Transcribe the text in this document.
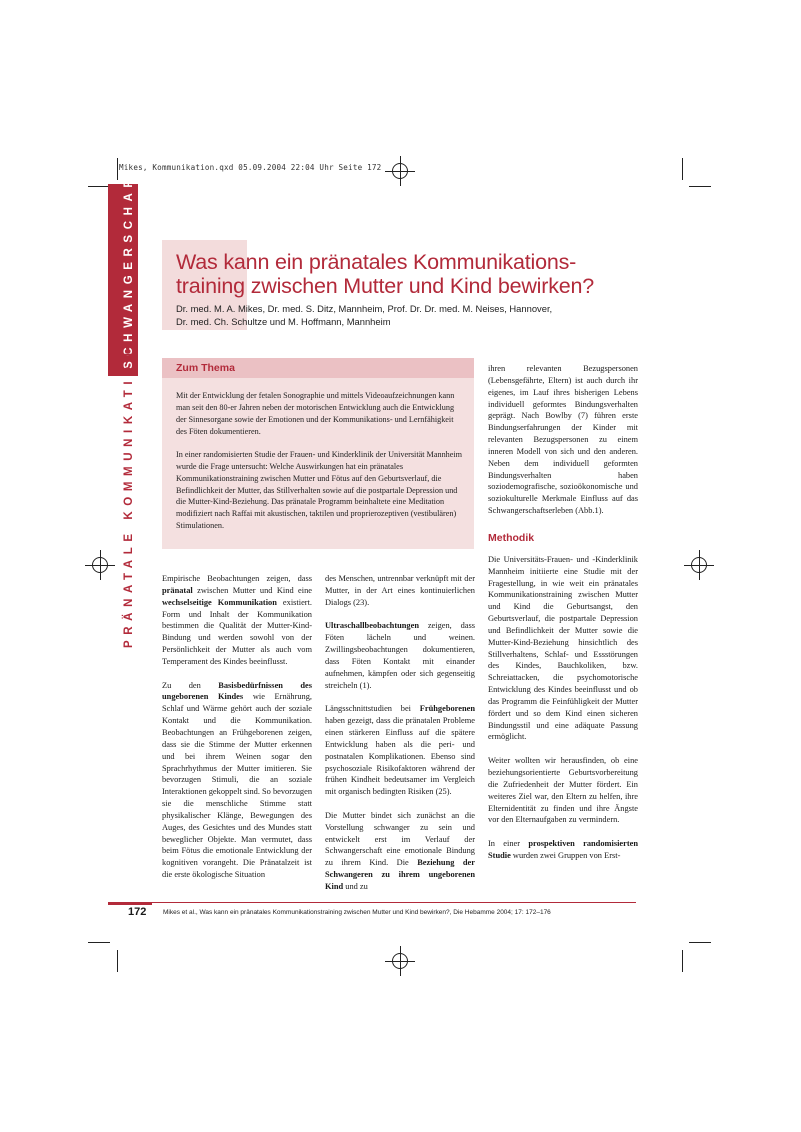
Mikes, Kommunikation.qxd 05.09.2004 22:04 Uhr Seite 172
SCHWANGERSCHAFT
PRÄNATALE KOMMUNIKATION
Was kann ein pränatales Kommunikations-
training zwischen Mutter und Kind bewirken?
Dr. med. M. A. Mikes, Dr. med. S. Ditz, Mannheim, Prof. Dr. Dr. med. M. Neises, Hannover,
Dr. med. Ch. Schultze und M. Hoffmann, Mannheim
Zum Thema
Mit der Entwicklung der fetalen Sonographie und mittels Videoaufzeichnungen kann man seit den 80-er Jahren neben der motorischen Entwicklung auch die Entwicklung der Sinnesorgane sowie der Emotionen und der Kommunikations- und Lernfähigkeit des Föten dokumentieren.
In einer randomisierten Studie der Frauen- und Kinderklinik der Universität Mannheim wurde die Frage untersucht: Welche Auswirkungen hat ein pränatales Kommunikationstraining zwischen Mutter und Fötus auf den Geburtsverlauf, die Befindlichkeit der Mutter, das Stillverhalten sowie auf die postpartale Depression und die Mutter-Kind-Beziehung. Das pränatale Programm beinhaltete eine Meditation modifiziert nach Raffai mit akustischen, taktilen und proprierozeptiven (vestibulären) Stimulationen.

Empirische Beobachtungen zeigen, dass pränatal zwischen Mutter und Kind eine wechselseitige Kommunikation existiert. Form und Inhalt der Kommunikation bestimmen die Qualität der Mutter-Kind-Bindung und werden sowohl von der Persönlichkeit der Mutter als auch vom Temperament des Kindes beeinflusst.

Zu den Basisbedürfnissen des ungeborenen Kindes wie Ernährung, Schlaf und Wärme gehört auch der soziale Kontakt und die Kommunikation. Beobachtungen an Frühgeborenen zeigen, dass sie die Stimme der Mutter erkennen und bei ihrem Weinen sogar den Sprachrhythmus der Mutter imitieren. Sie bevorzugen Stimuli, die an soziale Interaktionen gekoppelt sind. So bevorzugen sie die menschliche Stimme statt physikalischer Klänge, Bewegungen des Auges, des Gesichtes und des Mundes statt beweglicher Objekte. Man vermutet, dass beim Fötus die emotionale Entwicklung der kognitiven vorangeht. Die Pränatalzeit ist die erste ökologische Situation

des Menschen, untrennbar verknüpft mit der Mutter, in der Art eines kontinuierlichen Dialogs (23).

Ultraschallbeobachtungen zeigen, dass Föten lächeln und weinen. Zwillingsbeobachtungen dokumentieren, dass Föten Kontakt mit einander aufnehmen, kämpfen oder sich gegenseitig streicheln (1).

Längsschnittstudien bei Frühgeborenen haben gezeigt, dass die pränatalen Probleme einen stärkeren Einfluss auf die spätere Entwicklung haben als die peri- und postnatalen Komplikationen. Ebenso sind psychosoziale Risikofaktoren während der frühen Kindheit bedeutsamer im Vergleich mit organisch bedingten Risiken (25).

Die Mutter bindet sich zunächst an die Vorstellung schwanger zu sein und entwickelt erst im Verlauf der Schwangerschaft eine emotionale Bindung zu ihrem Kind. Die Beziehung der Schwangeren zu ihrem ungeborenen Kind und zu

ihren relevanten Bezugspersonen (Lebensgefährte, Eltern) ist auch durch ihr eigenes, im Lauf ihres bisherigen Lebens individuell geformtes Bindungsverhalten geprägt. Nach Bowlby (7) führen erste Bindungserfahrungen der Kinder mit relevanten Bezugspersonen zu einem inneren Modell von sich und den anderen. Neben dem individuell geformten Bindungsverhalten haben soziodemografische, sozioökonomische und soziokulturelle Merkmale Einfluss auf das Schwangerschaftserleben (Abb.1).

Methodik

Die Universitäts-Frauen- und -Kinderklinik Mannheim initiierte eine Studie mit der Fragestellung, in wie weit ein pränatales Kommunikationstraining zwischen Mutter und Kind die Geburtsangst, den Geburtsverlauf, die postpartale Depression und Befindlichkeit der Mutter sowie die Mutter-Kind-Beziehung hinsichtlich des Stillverhaltens, Schlaf- und Essstörungen des Kindes, Bauchkoliken, bzw. Schreiattacken, die psychomotorische Entwicklung des Kindes beeinflusst und ob das Programm die Feinfühligkeit der Mutter fördert und so dem Kind einen sicheren Bindungsstil und eine adäquate Passung ermöglicht.

Weiter wollten wir herausfinden, ob eine beziehungsorientierte Geburtsvorbereitung die Zufriedenheit der Mutter fördert. Ein weiteres Ziel war, den Eltern zu helfen, ihre Elternidentität zu finden und ihre Ängste vor den Elternaufgaben zu vermindern.

In einer prospektiven randomisierten Studie wurden zwei Gruppen von Erst-

172	Mikes et al., Was kann ein pränatales Kommunikationstraining zwischen Mutter und Kind bewirken?, Die Hebamme 2004; 17: 172–176
